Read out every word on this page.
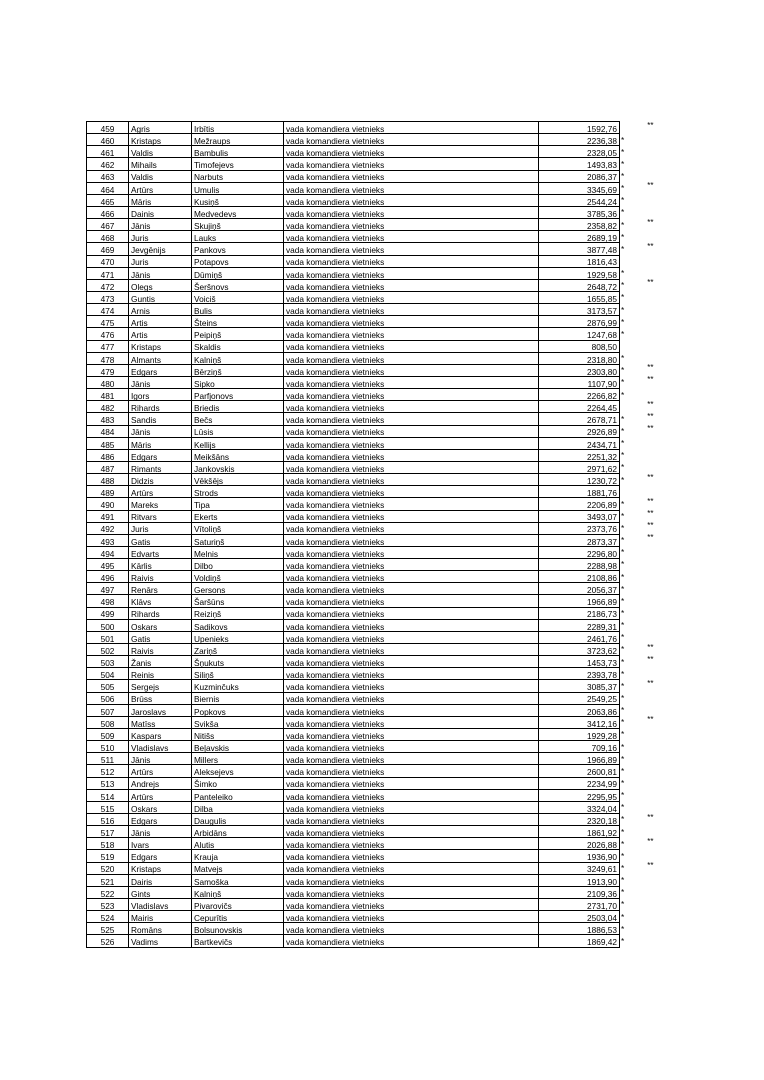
459	Agris	Irbītis	vada komandiera vietnieks	1592,76		**
460	Kristaps	Mežraups	vada komandiera vietnieks	2236,38	*	
461	Valdis	Bambulis	vada komandiera vietnieks	2328,05	*	
462	Mihails	Timofejevs	vada komandiera vietnieks	1493,83	*	
463	Valdis	Narbuts	vada komandiera vietnieks	2086,37	*	
464	Artūrs	Umulis	vada komandiera vietnieks	3345,69	*	**
465	Māris	Kusiņš	vada komandiera vietnieks	2544,24	*	
466	Dainis	Medvedevs	vada komandiera vietnieks	3785,36	*	
467	Jānis	Skujiņš	vada komandiera vietnieks	2358,82	*	**
468	Juris	Lauks	vada komandiera vietnieks	2689,19	*	
469	Jevgēnijs	Pankovs	vada komandiera vietnieks	3877,48	*	**
470	Juris	Potapovs	vada komandiera vietnieks	1816,43		
471	Jānis	Dūmiņš	vada komandiera vietnieks	1929,58	*	
472	Olegs	Šeršnovs	vada komandiera vietnieks	2648,72	*	**
473	Guntis	Voiciš	vada komandiera vietnieks	1655,85	*	
474	Arnis	Bulis	vada komandiera vietnieks	3173,57	*	
475	Artis	Šteins	vada komandiera vietnieks	2876,99	*	
476	Artis	Peipiņš	vada komandiera vietnieks	1247,68	*	
477	Kristaps	Skaldis	vada komandiera vietnieks	808,50		
478	Almants	Kalniņš	vada komandiera vietnieks	2318,80	*	
479	Edgars	Bērziņš	vada komandiera vietnieks	2303,80	*	**
480	Jānis	Sipko	vada komandiera vietnieks	1107,90	*	**
481	Igors	Parfjonovs	vada komandiera vietnieks	2266,82	*	
482	Rihards	Briedis	vada komandiera vietnieks	2264,45		**
483	Sandis	Bečs	vada komandiera vietnieks	2678,71	*	**
484	Jānis	Lūsis	vada komandiera vietnieks	2926,89	*	**
485	Māris	Kellijs	vada komandiera vietnieks	2434,71	*	
486	Edgars	Meikšāns	vada komandiera vietnieks	2251,32	*	
487	Rimants	Jankovskis	vada komandiera vietnieks	2971,62	*	
488	Didzis	Vēkšējs	vada komandiera vietnieks	1230,72	*	**
489	Artūrs	Strods	vada komandiera vietnieks	1881,76		
490	Mareks	Tipa	vada komandiera vietnieks	2206,89	*	**
491	Ritvars	Ekerts	vada komandiera vietnieks	3493,07	*	**
492	Juris	Vītoliņš	vada komandiera vietnieks	2373,76	*	**
493	Gatis	Saturiņš	vada komandiera vietnieks	2873,37	*	**
494	Edvarts	Melnis	vada komandiera vietnieks	2296,80	*	
495	Kārlis	Dilbo	vada komandiera vietnieks	2288,98	*	
496	Raivis	Voldiņš	vada komandiera vietnieks	2108,86	*	
497	Renārs	Gersons	vada komandiera vietnieks	2056,37	*	
498	Klāvs	Šaršūns	vada komandiera vietnieks	1966,89	*	
499	Rihards	Reiziņš	vada komandiera vietnieks	2186,73	*	
500	Oskars	Sadikovs	vada komandiera vietnieks	2289,31	*	
501	Gatis	Upenieks	vada komandiera vietnieks	2461,76	*	
502	Raivis	Zariņš	vada komandiera vietnieks	3723,62	*	**
503	Žanis	Šņukuts	vada komandiera vietnieks	1453,73	*	**
504	Reinis	Siliņš	vada komandiera vietnieks	2393,78	*	
505	Sergejs	Kuzminčuks	vada komandiera vietnieks	3085,37	*	**
506	Brūss	Biernis	vada komandiera vietnieks	2549,25	*	
507	Jaroslavs	Popkovs	vada komandiera vietnieks	2063,86	*	
508	Matīss	Svikša	vada komandiera vietnieks	3412,16	*	**
509	Kaspars	Nitišs	vada komandiera vietnieks	1929,28	*	
510	Vladislavs	Beļavskis	vada komandiera vietnieks	709,16	*	
511	Jānis	Millers	vada komandiera vietnieks	1966,89	*	
512	Artūrs	Aleksejevs	vada komandiera vietnieks	2600,81	*	
513	Andrejs	Šimko	vada komandiera vietnieks	2234,99	*	
514	Artūrs	Panteleiko	vada komandiera vietnieks	2295,95	*	
515	Oskars	Dilba	vada komandiera vietnieks	3324,04	*	
516	Edgars	Daugulis	vada komandiera vietnieks	2320,18	*	**
517	Jānis	Arbidāns	vada komandiera vietnieks	1861,92	*	
518	Ivars	Alutis	vada komandiera vietnieks	2026,88	*	**
519	Edgars	Krauja	vada komandiera vietnieks	1936,90	*	
520	Kristaps	Matvejs	vada komandiera vietnieks	3249,61	*	**
521	Dairis	Samoška	vada komandiera vietnieks	1913,90	*	
522	Gints	Kalniņš	vada komandiera vietnieks	2109,36	*	
523	Vladislavs	Pivarovičs	vada komandiera vietnieks	2731,70	*	
524	Mairis	Cepurītis	vada komandiera vietnieks	2503,04	*	
525	Romāns	Bolsunovskis	vada komandiera vietnieks	1886,53	*	
526	Vadims	Bartkevičs	vada komandiera vietnieks	1869,42	*	
